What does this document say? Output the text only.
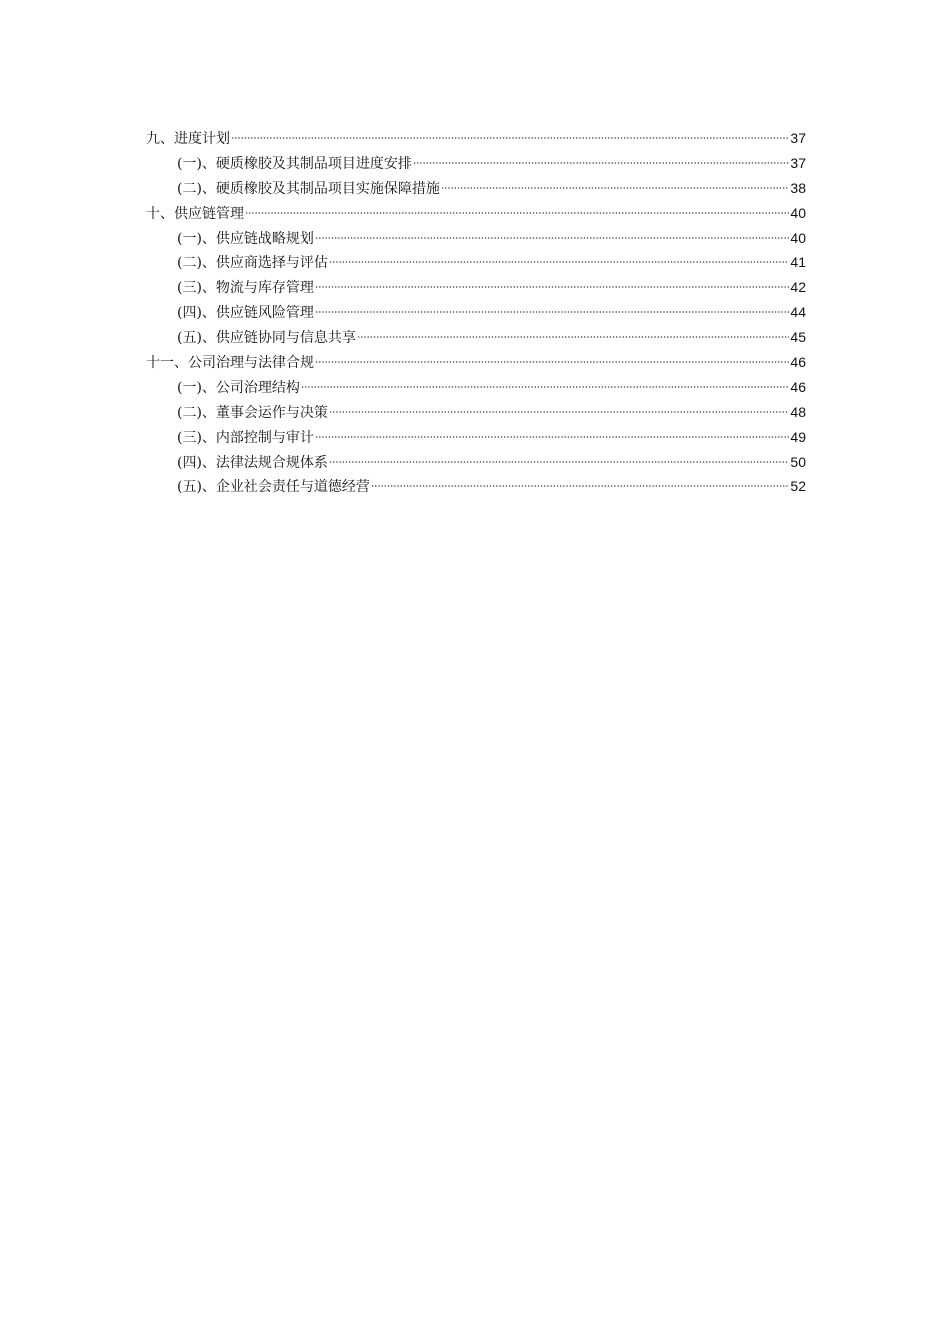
九、进度计划	37
(一)、硬质橡胶及其制品项目进度安排	37
(二)、硬质橡胶及其制品项目实施保障措施	38
十、供应链管理	40
(一)、供应链战略规划	40
(二)、供应商选择与评估	41
(三)、物流与库存管理	42
(四)、供应链风险管理	44
(五)、供应链协同与信息共享	45
十一、公司治理与法律合规	46
(一)、公司治理结构	46
(二)、董事会运作与决策	48
(三)、内部控制与审计	49
(四)、法律法规合规体系	50
(五)、企业社会责任与道德经营	52
